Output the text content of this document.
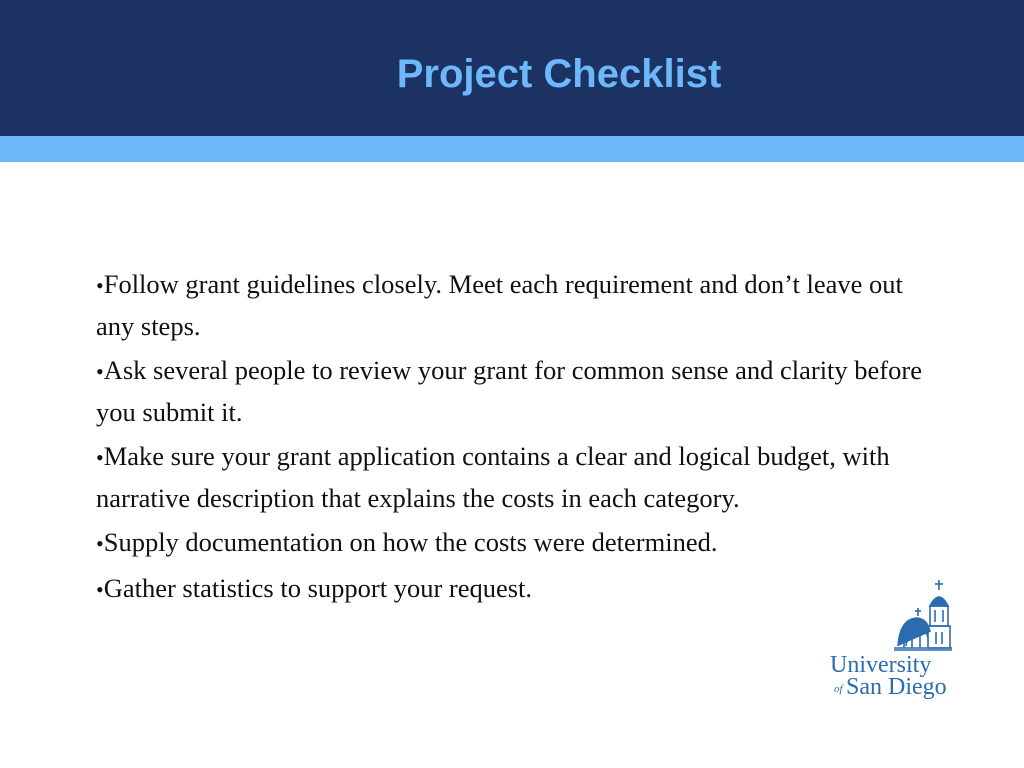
Project Checklist
•Follow grant guidelines closely. Meet each requirement and don’t leave out any steps.
•Ask several people to review your grant for common sense and clarity before you submit it.
•Make sure your grant application contains a clear and logical budget, with narrative description that explains the costs in each category.
•Supply documentation on how the costs were determined.
•Gather statistics to support your request.
University
of San Diego
